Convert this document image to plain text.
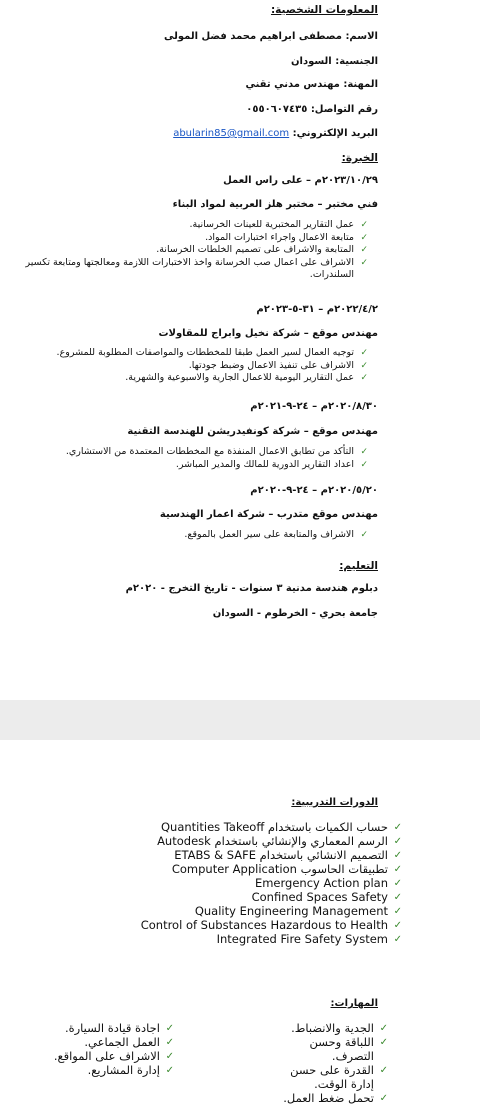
المعلومات الشخصية:
الاسم: مصطفى ابراهيم محمد فضل المولى
الجنسية: السودان
المهنة: مهندس مدني تقني
رقم التواصل: ٠٥٥٠٦٠٧٤٣٥
البريد الإلكتروني: abularin85@gmail.com
الخبرة:
٢٠٢٣/١٠/٢٩م – على راس العمل
فني مختبر – مختبر هلز العربية لمواد البناء
✓
عمل التقارير المختبرية للعينات الخرسانية.
✓
متابعة الاعمال واجراء اختبارات المواد.
✓
المتابعة والاشراف على تصميم الخلطات الخرسانة.
✓
الاشراف على اعمال صب الخرسانة واخذ الاختبارات اللازمة ومعالجتها ومتابعة تكسير السلندرات.
٢٠٢٢/٤/٢م – ٣١-٥-٢٠٢٣م
مهندس موقع – شركة نخيل وابراج للمقاولات
✓
توجيه العمال لسير العمل طبقا للمخططات والمواصفات المطلوبة للمشروع.
✓
الاشراف على تنفيذ الاعمال وضبط جودتها.
✓
عمل التقارير اليومية للاعمال الجارية والاسبوعية والشهرية.
٢٠٢٠/٨/٣٠م – ٢٤-٩-٢٠٢١م
مهندس موقع – شركة كونفيدريشن للهندسة التقنية
✓
التأكد من تطابق الاعمال المنفذة مع المخططات المعتمدة من الاستشاري.
✓
اعداد التقارير الدورية للمالك والمدير المباشر.
٢٠٢٠/٥/٢٠م – ٢٤-٩-٢٠٢٠م
مهندس موقع متدرب – شركة اعمار الهندسية
✓
الاشراف والمتابعة على سير العمل بالموقع.
التعليم:
دبلوم هندسة مدنية ٣ سنوات - تاريخ التخرج - ٢٠٢٠م
جامعة بحري - الخرطوم - السودان
الدورات التدريبية:
✓
حساب الكميات باستخدام Quantities Takeoff
✓
الرسم المعماري والإنشائي باستخدام Autodesk
✓
التصميم الانشائي باستخدام ETABS & SAFE
✓
تطبيقات الحاسوب Computer Application
✓
Emergency Action plan
✓
Confined Spaces Safety
✓
Quality Engineering Management
✓
Control of Substances Hazardous to Health
✓
Integrated Fire Safety System
المهارات:
✓
الجدية والانضباط.
✓
اللباقة وحسن التصرف.
✓
القدرة على حسن إدارة الوقت.
✓
تحمل ضغط العمل.
✓
اجادة قيادة السيارة.
✓
العمل الجماعي.
✓
الاشراف على المواقع.
✓
إدارة المشاريع.
